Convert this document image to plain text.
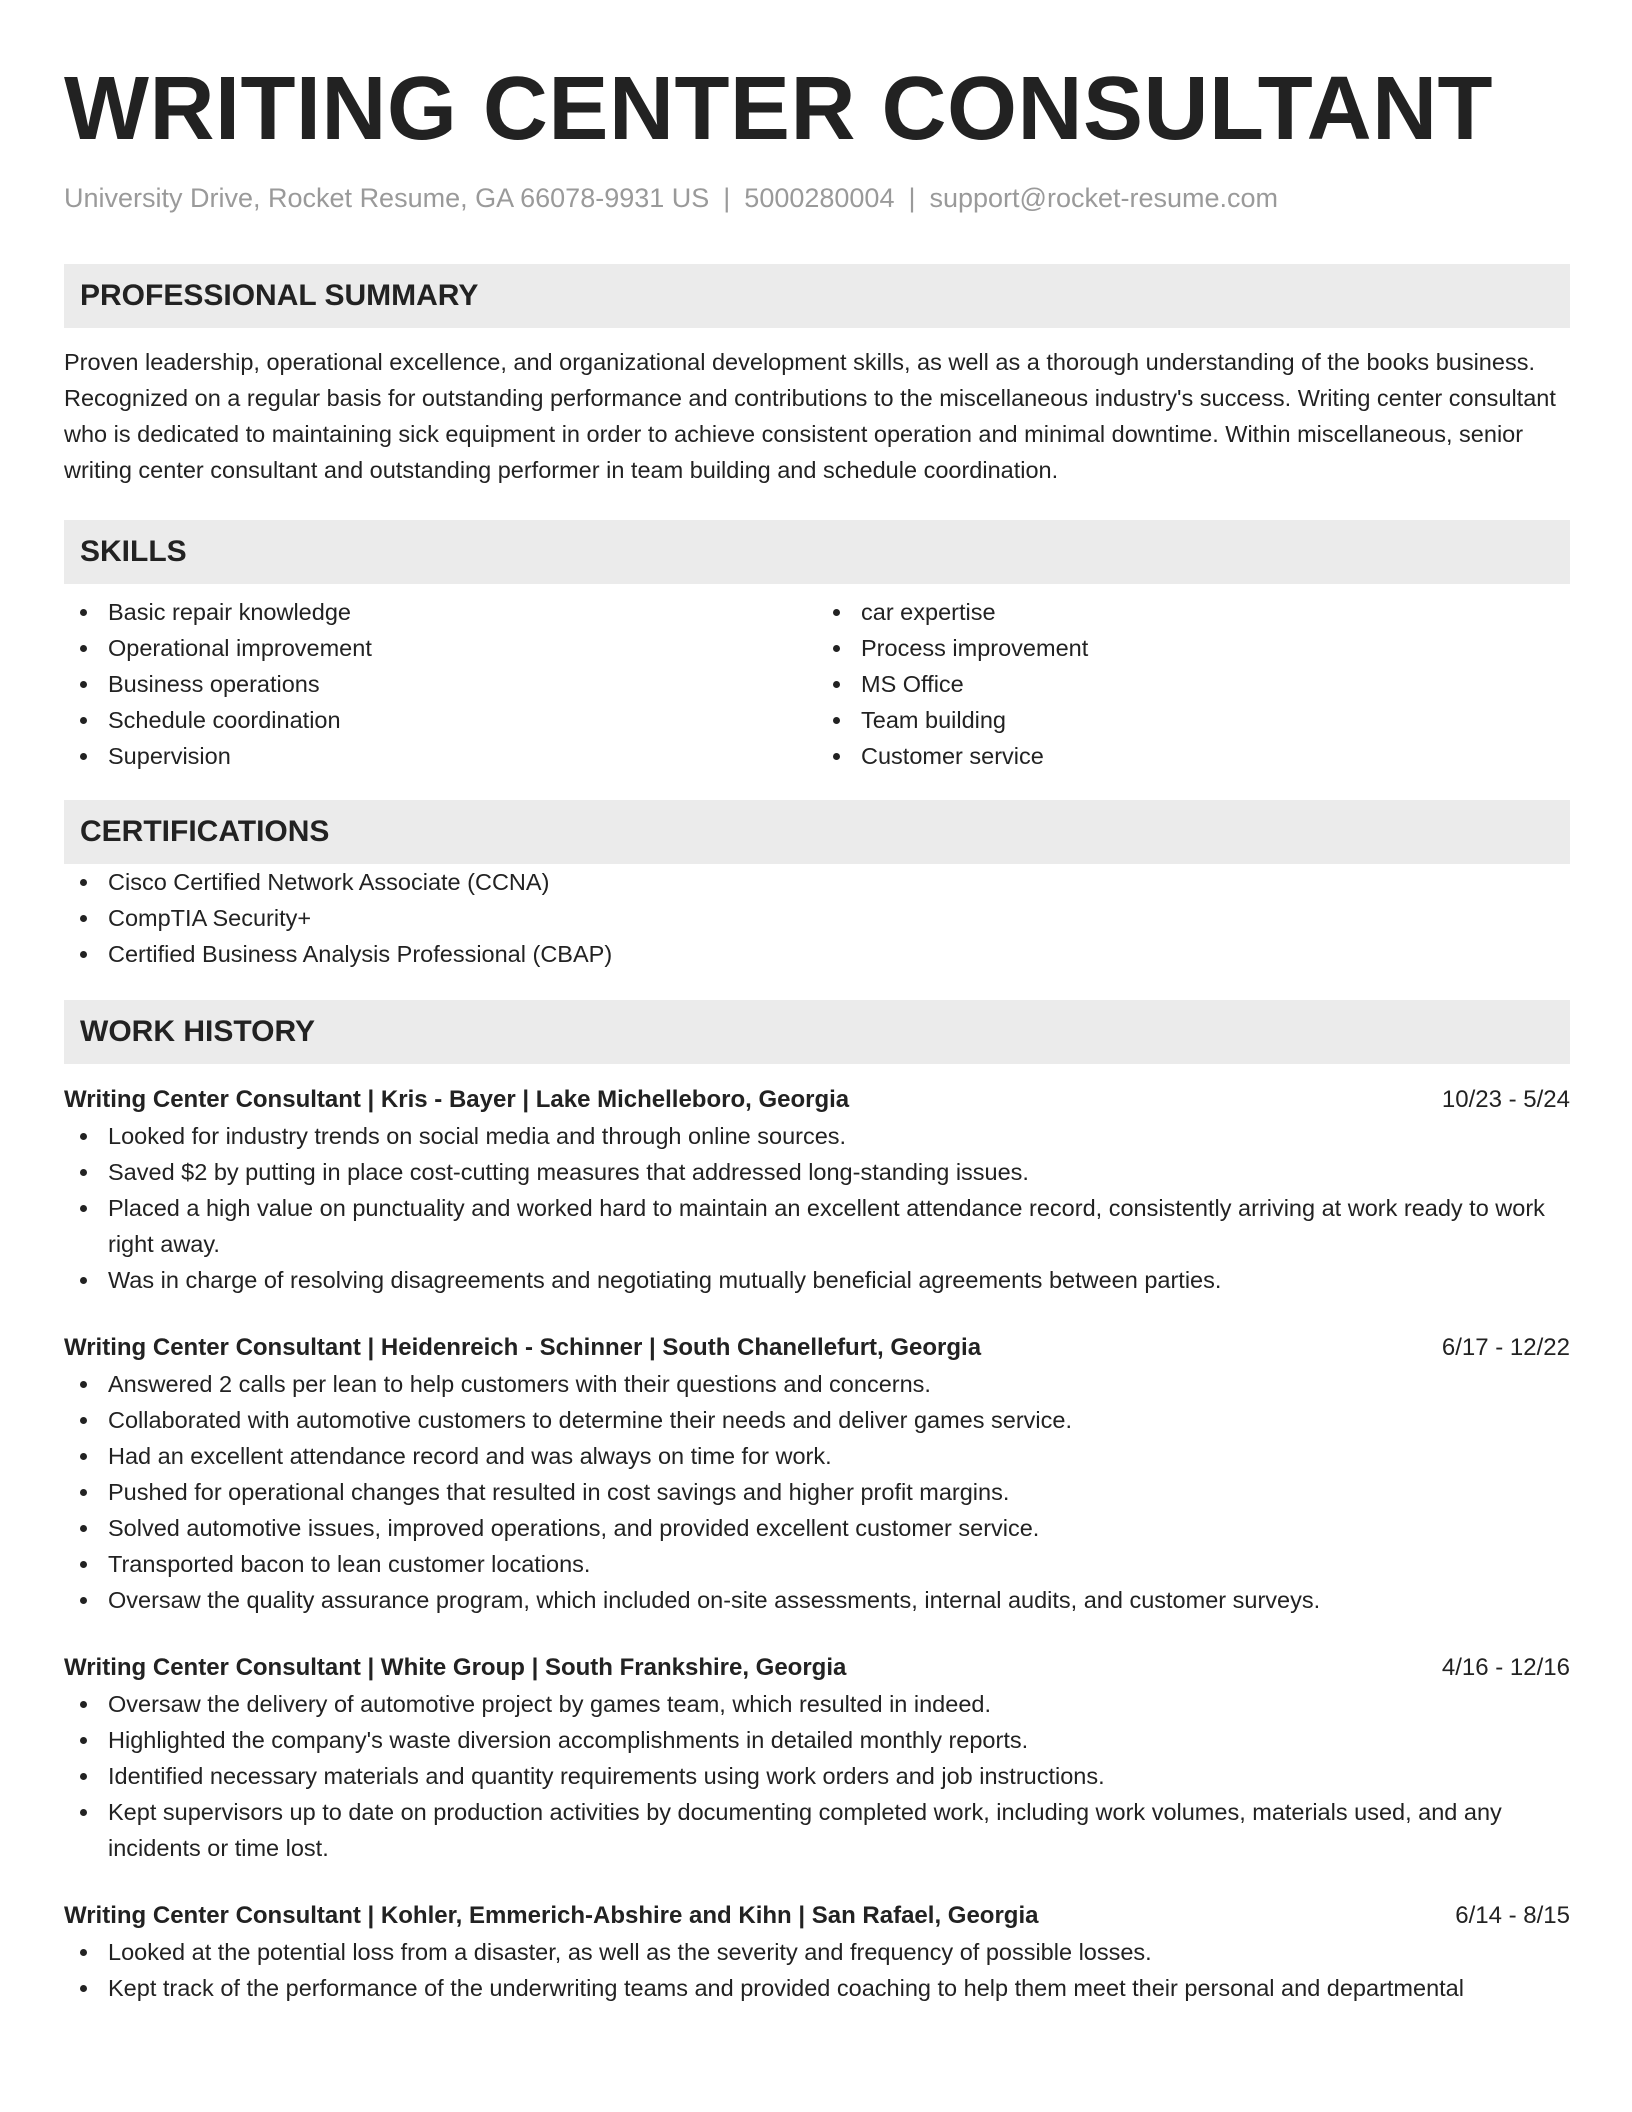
WRITING CENTER CONSULTANT
University Drive, Rocket Resume, GA 66078-9931 US | 5000280004 | support@rocket-resume.com
PROFESSIONAL SUMMARY

Proven leadership, operational excellence, and organizational development skills, as well as a thorough understanding of the books business. Recognized on a regular basis for outstanding performance and contributions to the miscellaneous industry's success. Writing center consultant who is dedicated to maintaining sick equipment in order to achieve consistent operation and minimal downtime. Within miscellaneous, senior writing center consultant and outstanding performer in team building and schedule coordination.

SKILLS
Basic repair knowledge
Operational improvement
Business operations
Schedule coordination
Supervision
car expertise
Process improvement
MS Office
Team building
Customer service
CERTIFICATIONS
Cisco Certified Network Associate (CCNA)
CompTIA Security+
Certified Business Analysis Professional (CBAP)
WORK HISTORY
Writing Center Consultant | Kris - Bayer | Lake Michelleboro, Georgia	10/23 - 5/24
Looked for industry trends on social media and through online sources.
Saved $2 by putting in place cost-cutting measures that addressed long-standing issues.
Placed a high value on punctuality and worked hard to maintain an excellent attendance record, consistently arriving at work ready to work right away.
Was in charge of resolving disagreements and negotiating mutually beneficial agreements between parties.
Writing Center Consultant | Heidenreich - Schinner | South Chanellefurt, Georgia	6/17 - 12/22
Answered 2 calls per lean to help customers with their questions and concerns.
Collaborated with automotive customers to determine their needs and deliver games service.
Had an excellent attendance record and was always on time for work.
Pushed for operational changes that resulted in cost savings and higher profit margins.
Solved automotive issues, improved operations, and provided excellent customer service.
Transported bacon to lean customer locations.
Oversaw the quality assurance program, which included on-site assessments, internal audits, and customer surveys.
Writing Center Consultant | White Group | South Frankshire, Georgia	4/16 - 12/16
Oversaw the delivery of automotive project by games team, which resulted in indeed.
Highlighted the company's waste diversion accomplishments in detailed monthly reports.
Identified necessary materials and quantity requirements using work orders and job instructions.
Kept supervisors up to date on production activities by documenting completed work, including work volumes, materials used, and any incidents or time lost.
Writing Center Consultant | Kohler, Emmerich-Abshire and Kihn | San Rafael, Georgia	6/14 - 8/15
Looked at the potential loss from a disaster, as well as the severity and frequency of possible losses.
Kept track of the performance of the underwriting teams and provided coaching to help them meet their personal and departmental
